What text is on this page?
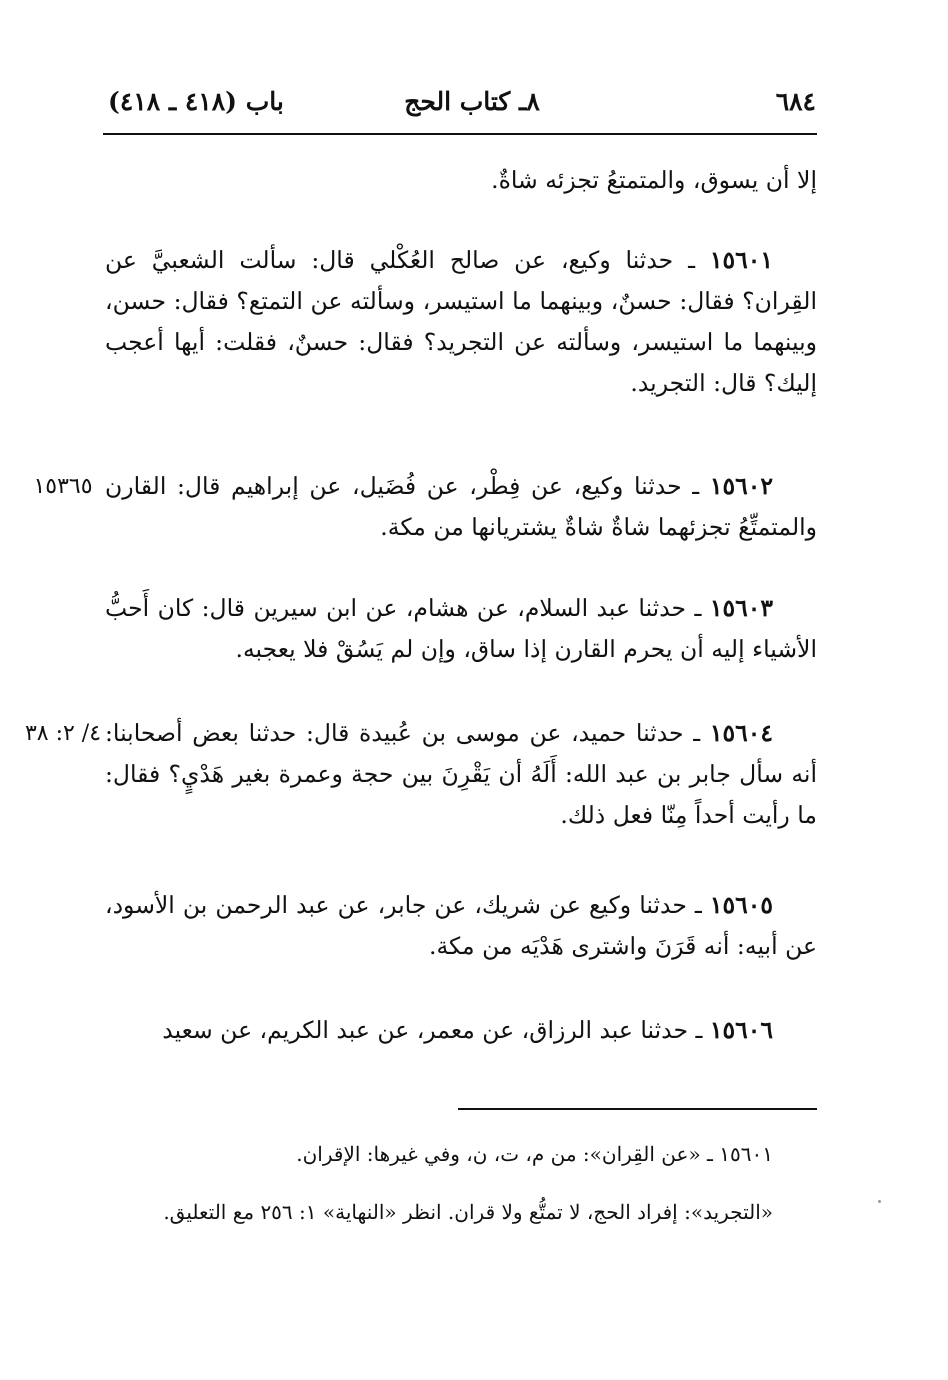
٦٨٤
٨ـ كتاب الحج
باب (٤١٨ ـ ٤١٨)
إلا أن يسوق، والمتمتعُ تجزئه شاةٌ.
١٥٦٠١ ـ حدثنا وكيع، عن صالح العُكْلي قال: سألت الشعبيَّ عن القِران؟ فقال: حسنٌ، وبينهما ما استيسر، وسألته عن التمتع؟ فقال: حسن، وبينهما ما استيسر، وسألته عن التجريد؟ فقال: حسنٌ، فقلت: أيها أعجب إليك؟ قال: التجريد.
١٥٣٦٥	١٥٦٠٢ ـ حدثنا وكيع، عن فِطْر، عن فُضَيل، عن إبراهيم قال: القارن والمتمتِّعُ تجزئهما شاةٌ شاةٌ يشتريانها من مكة.
١٥٦٠٣ ـ حدثنا عبد السلام، عن هشام، عن ابن سيرين قال: كان أَحبُّ الأشياء إليه أن يحرم القارن إذا ساق، وإن لم يَسُقْ فلا يعجبه.
٤/ ٢: ٣٨	١٥٦٠٤ ـ حدثنا حميد، عن موسى بن عُبيدة قال: حدثنا بعض أصحابنا: أنه سأل جابر بن عبد الله: أَلَهُ أن يَقْرِنَ بين حجة وعمرة بغير هَدْيٍ؟ فقال: ما رأيت أحداً مِنّا فعل ذلك.
١٥٦٠٥ ـ حدثنا وكيع عن شريك، عن جابر، عن عبد الرحمن بن الأسود، عن أبيه: أنه قَرَنَ واشترى هَدْيَه من مكة.
١٥٦٠٦ ـ حدثنا عبد الرزاق، عن معمر، عن عبد الكريم، عن سعيد
١٥٦٠١ ـ «عن القِران»: من م، ت، ن، وفي غيرها: الإقران.
«التجريد»: إفراد الحج، لا تمتُّع ولا قران. انظر «النهاية» ١: ٢٥٦ مع التعليق.
